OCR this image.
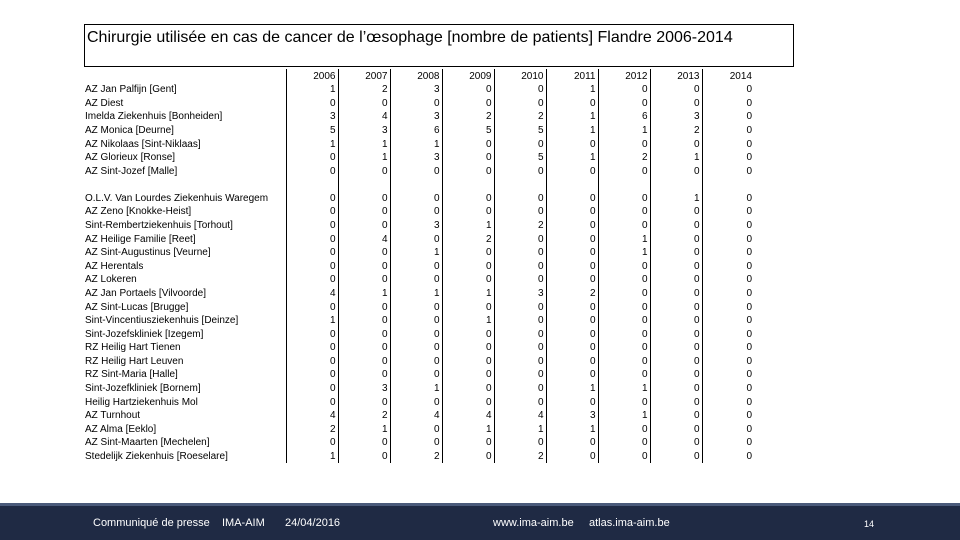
Chirurgie utilisée en cas de cancer de l’œsophage [nombre de patients] Flandre 2006-2014
	2006	2007	2008	2009	2010	2011	2012	2013	2014
AZ Jan Palfijn [Gent]	1	2	3	0	0	1	0	0	0
AZ Diest	0	0	0	0	0	0	0	0	0
Imelda Ziekenhuis [Bonheiden]	3	4	3	2	2	1	6	3	0
AZ Monica [Deurne]	5	3	6	5	5	1	1	2	0
AZ Nikolaas [Sint-Niklaas]	1	1	1	0	0	0	0	0	0
AZ Glorieux [Ronse]	0	1	3	0	5	1	2	1	0
AZ Sint-Jozef [Malle]	0	0	0	0	0	0	0	0	0
O.L.V. Van Lourdes Ziekenhuis Waregem	0	0	0	0	0	0	0	1	0
AZ Zeno [Knokke-Heist]	0	0	0	0	0	0	0	0	0
Sint-Rembertziekenhuis [Torhout]	0	0	3	1	2	0	0	0	0
AZ Heilige Familie [Reet]	0	4	0	2	0	0	1	0	0
AZ Sint-Augustinus [Veurne]	0	0	1	0	0	0	1	0	0
AZ Herentals	0	0	0	0	0	0	0	0	0
AZ Lokeren	0	0	0	0	0	0	0	0	0
AZ Jan Portaels [Vilvoorde]	4	1	1	1	3	2	0	0	0
AZ Sint-Lucas [Brugge]	0	0	0	0	0	0	0	0	0
Sint-Vincentiusziekenhuis [Deinze]	1	0	0	1	0	0	0	0	0
Sint-Jozefskliniek [Izegem]	0	0	0	0	0	0	0	0	0
RZ Heilig Hart Tienen	0	0	0	0	0	0	0	0	0
RZ Heilig Hart Leuven	0	0	0	0	0	0	0	0	0
RZ Sint-Maria [Halle]	0	0	0	0	0	0	0	0	0
Sint-Jozefkliniek [Bornem]	0	3	1	0	0	1	1	0	0
Heilig Hartziekenhuis Mol	0	0	0	0	0	0	0	0	0
AZ Turnhout	4	2	4	4	4	3	1	0	0
AZ Alma [Eeklo]	2	1	0	1	1	1	0	0	0
AZ Sint-Maarten [Mechelen]	0	0	0	0	0	0	0	0	0
Stedelijk Ziekenhuis [Roeselare]	1	0	2	0	2	0	0	0	0
Communiqué de presse IMA-AIM 24/04/2016	www.ima-aim.be atlas.ima-aim.be	14
